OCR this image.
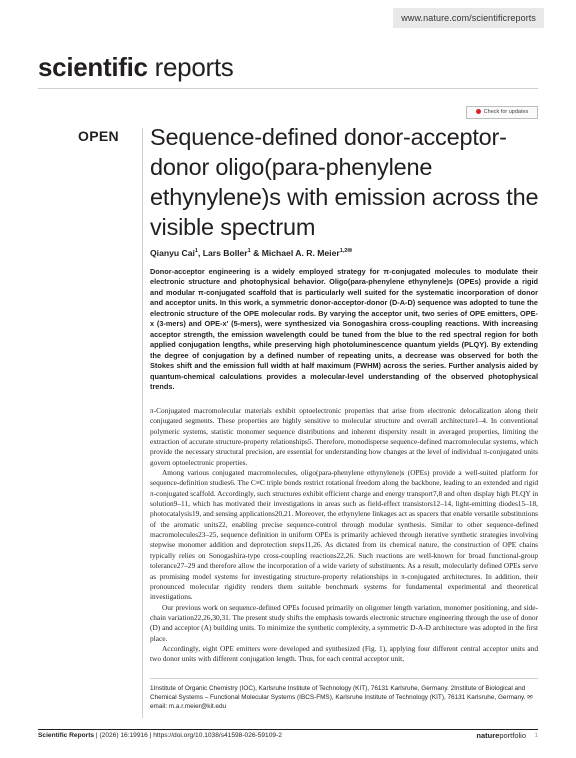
www.nature.com/scientificreports
scientific reports
Check for updates
OPEN Sequence-defined donor-acceptor-donor oligo(para-phenylene ethynylene)s with emission across the visible spectrum
Qianyu Cai$^1$, Lars Boller$^1$ & Michael A. R. Meier$^{1,2✉}$

Donor-acceptor engineering is a widely employed strategy for π-conjugated molecules to modulate their electronic structure and photophysical behavior. Oligo(para-phenylene ethynylene)s (OPEs) provide a rigid and modular π-conjugated scaffold that is particularly well suited for the systematic incorporation of donor and acceptor units. In this work, a symmetric donor-acceptor-donor (D-A-D) sequence was adopted to tune the electronic structure of the OPE molecular rods. By varying the acceptor unit, two series of OPE emitters, OPE-x (3-mers) and OPE-x' (5-mers), were synthesized via Sonogashira cross-coupling reactions. With increasing acceptor strength, the emission wavelength could be tuned from the blue to the red spectral region for both applied conjugation lengths, while preserving high photoluminescence quantum yields (PLQY). By extending the degree of conjugation by a defined number of repeating units, a decrease was observed for both the Stokes shift and the emission full width at half maximum (FWHM) across the series. Further analysis aided by quantum-chemical calculations provides a molecular-level understanding of the observed photophysical trends.

π-Conjugated macromolecular materials exhibit optoelectronic properties that arise from electronic delocalization along their conjugated segments. These properties are highly sensitive to molecular structure and overall architecture1–4. In conventional polymeric systems, statistic monomer sequence distributions and inherent dispersity result in averaged properties, limiting the extraction of accurate structure-property relationships5. Therefore, monodisperse sequence-defined macromolecular systems, which provide the necessary structural precision, are essential for understanding how changes at the level of individual π-conjugated units govern optoelectronic properties.

Among various conjugated macromolecules, oligo(para-phenylene ethynylene)s (OPEs) provide a well-suited platform for sequence-definition studies6. The C≡C triple bonds restrict rotational freedom along the backbone, leading to an extended and rigid π-conjugated scaffold. Accordingly, such structures exhibit efficient charge and energy transport7,8 and often display high PLQY in solution9–11, which has motivated their investigations in areas such as field-effect transistors12–14, light-emitting diodes15–18, photocatalysis19, and sensing applications20,21. Moreover, the ethynylene linkages act as spacers that enable versatile substitutions of the aromatic units22, enabling precise sequence-control through modular synthesis. Similar to other sequence-defined macromolecules23–25, sequence definition in uniform OPEs is primarily achieved through iterative synthetic strategies involving stepwise monomer addition and deprotection steps11,26. As dictated from its chemical nature, the construction of OPE chains typically relies on Sonogashira-type cross-coupling reactions22,26. Such reactions are well-known for broad functional-group tolerance27–29 and therefore allow the incorporation of a wide variety of substituents. As a result, molecularly defined OPEs serve as promising model systems for investigating structure-property relationships in π-conjugated architectures. In addition, their pronounced molecular rigidity renders them suitable benchmark systems for fundamental experimental and theoretical investigations.

Our previous work on sequence-defined OPEs focused primarily on oligomer length variation, monomer positioning, and side-chain variation22,26,30,31. The present study shifts the emphasis towards electronic structure engineering through the use of donor (D) and acceptor (A) building units. To minimize the synthetic complexity, a symmetric D-A-D architecture was adopted in the first place.

Accordingly, eight OPE emitters were developed and synthesized (Fig. 1), applying four different central acceptor units and two donor units with different conjugation length. Thus, for each central acceptor unit,

1Institute of Organic Chemistry (IOC), Karlsruhe Institute of Technology (KIT), 76131 Karlsruhe, Germany. 2Institute of Biological and Chemical Systems – Functional Molecular Systems (IBCS-FMS), Karlsruhe Institute of Technology (KIT), 76131 Karlsruhe, Germany. ✉email: m.a.r.meier@kit.edu

Scientific Reports | (2026) 16:19916 | https://doi.org/10.1038/s41598-026-59109-2	natureportfolio 1
